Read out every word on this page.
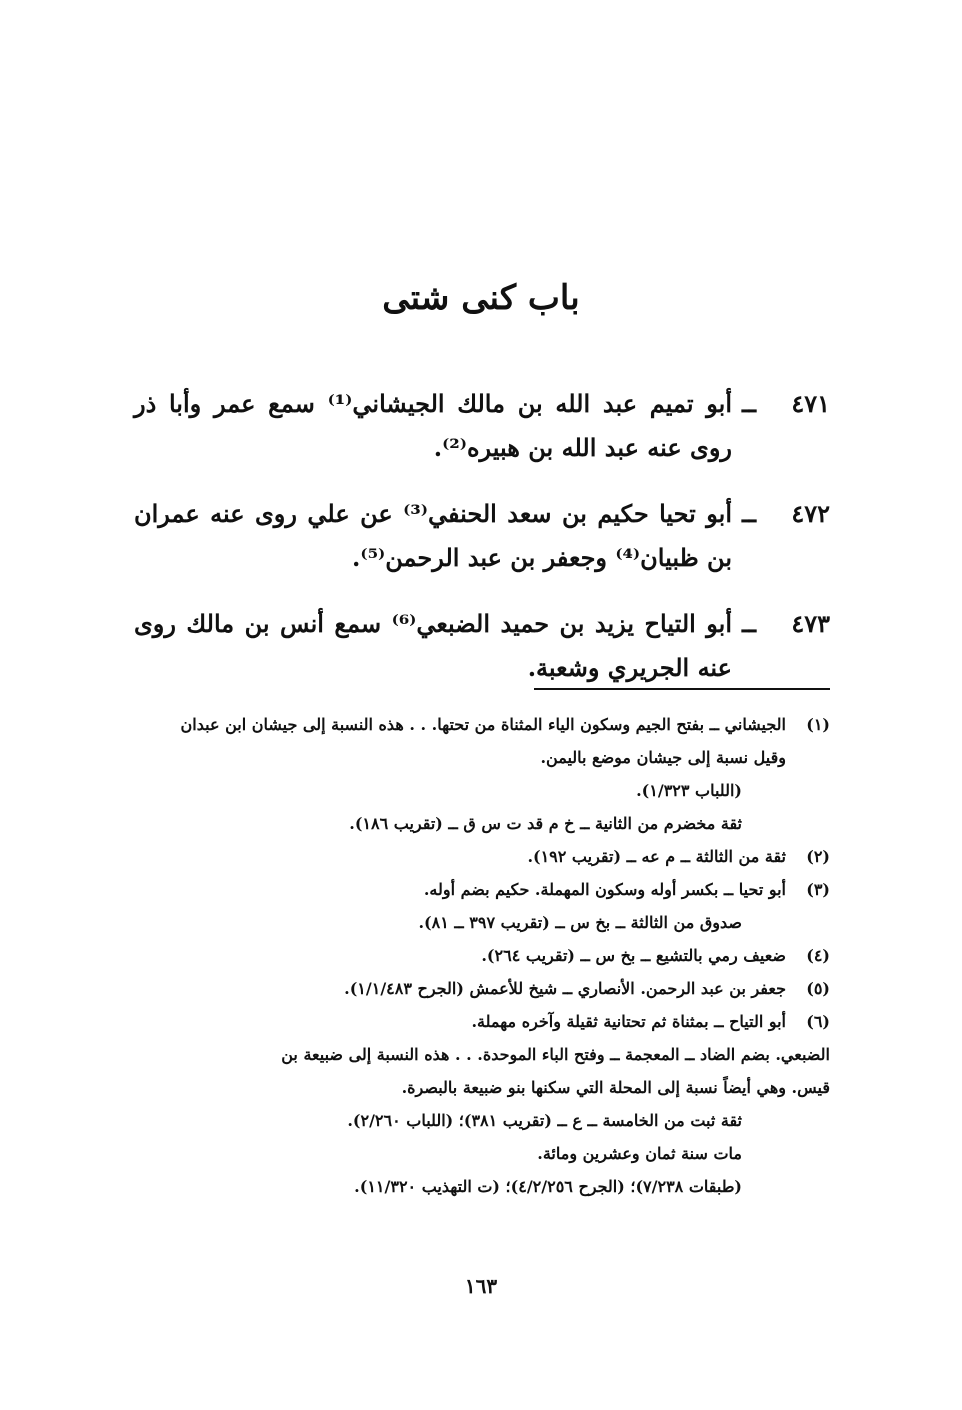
باب كنى شتى
٤٧١
ــ
أبو تميم عبد الله بن مالك الجيشاني⁽¹⁾ سمع عمر وأبا ذر روى عنه عبد الله بن هبيره⁽²⁾.
٤٧٢
ــ
أبو تحيا حكيم بن سعد الحنفي⁽³⁾ عن علي روى عنه عمران بن ظبيان⁽⁴⁾ وجعفر بن عبد الرحمن⁽⁵⁾.
٤٧٣
ــ
أبو التياح يزيد بن حميد الضبعي⁽⁶⁾ سمع أنس بن مالك روى عنه الجريري وشعبة.
(١)
الجيشاني ــ بفتح الجيم وسكون الياء المثناة من تحتها. . . هذه النسبة إلى جيشان ابن عبدان
وقيل نسبة إلى جيشان موضع باليمن.
(اللباب ١/٣٢٣).
ثقة مخضرم من الثانية ــ خ م قد ت س ق ــ (تقريب ١٨٦).
(٢)
ثقة من الثالثة ــ م عه ــ (تقريب ١٩٢).
(٣)
أبو تحيا ــ بكسر أوله وسكون المهملة. حكيم بضم أوله.
صدوق من الثالثة ــ بخ س ــ (تقريب ٣٩٧ ــ ٨١).
(٤)
ضعيف رمي بالتشيع ــ بخ س ــ (تقريب ٢٦٤).
(٥)
جعفر بن عبد الرحمن. الأنصاري ــ شيخ للأعمش (الجرح ١/١/٤٨٣).
(٦)
أبو التياح ــ بمثناة ثم تحتانية ثقيلة وآخره مهملة.
الضبعي. بضم الضاد ــ المعجمة ــ وفتح الباء الموحدة. . . هذه النسبة إلى ضبيعة بن
قيس. وهي أيضاً نسبة إلى المحلة التي سكنها بنو ضبيعة بالبصرة.
ثقة ثبت من الخامسة ــ ع ــ (تقريب ٣٨١)؛ (اللباب ٢/٢٦٠).
مات سنة ثمان وعشرين ومائة.
(طبقات ٧/٢٣٨)؛ (الجرح ٤/٢/٢٥٦)؛ (ت التهذيب ١١/٣٢٠).
١٦٣
